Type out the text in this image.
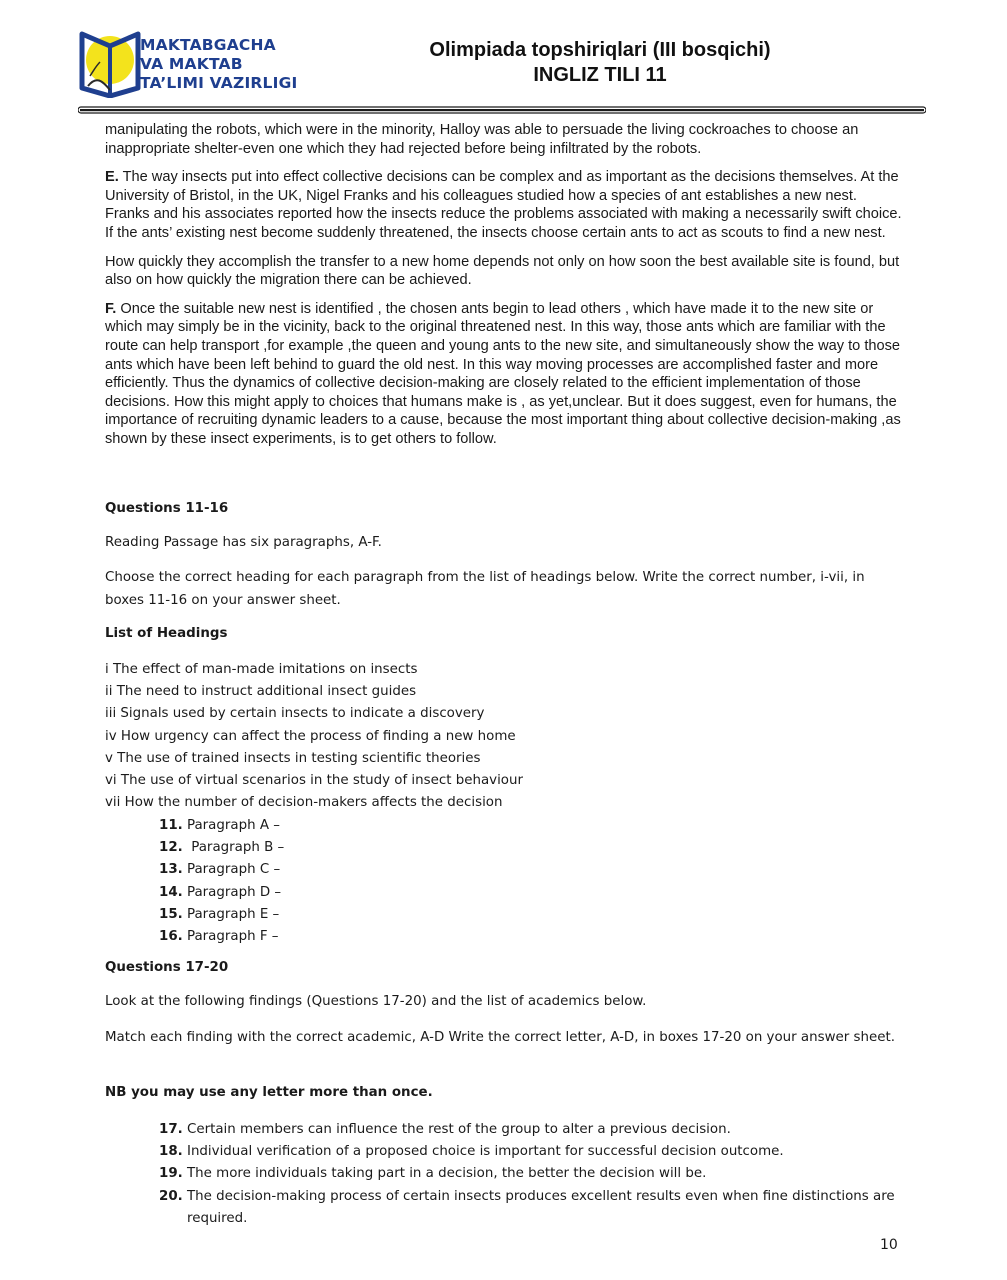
MAKTABGACHA
VA MAKTAB
TA’LIMI VAZIRLIGI
Olimpiada topshiriqlari (III bosqichi)
INGLIZ TILI 11

manipulating the robots, which were in the minority, Halloy was able to persuade the living cockroaches to choose an inappropriate shelter-even one which they had rejected before being infiltrated by the robots.

E. The way insects put into effect collective decisions can be complex and as important as the decisions themselves. At the University of Bristol, in the UK, Nigel Franks and his colleagues studied how a species of ant establishes a new nest. Franks and his associates reported how the insects reduce the problems associated with making a necessarily swift choice. If the ants’ existing nest become suddenly threatened, the insects choose certain ants to act as scouts to find a new nest.

How quickly they accomplish the transfer to a new home depends not only on how soon the best available site is found, but also on how quickly the migration there can be achieved.

F. Once the suitable new nest is identified , the chosen ants begin to lead others , which have made it to the new site or which may simply be in the vicinity, back to the original threatened nest. In this way, those ants which are familiar with the route can help transport ,for example ,the queen and young ants to the new site, and simultaneously show the way to those ants which have been left behind to guard the old nest. In this way moving processes are accomplished faster and more efficiently. Thus the dynamics of collective decision-making are closely related to the efficient implementation of those decisions. How this might apply to choices that humans make is , as yet,unclear. But it does suggest, even for humans, the importance of recruiting dynamic leaders to a cause, because the most important thing about collective decision-making ,as shown by these insect experiments, is to get others to follow.

Questions 11-16
Reading Passage has six paragraphs, A-F.
Choose the correct heading for each paragraph from the list of headings below. Write the correct number, i-vii, in boxes 11-16 on your answer sheet.
List of Headings
i The effect of man-made imitations on insects
ii The need to instruct additional insect guides
iii Signals used by certain insects to indicate a discovery
iv How urgency can affect the process of finding a new home
v The use of trained insects in testing scientific theories
vi The use of virtual scenarios in the study of insect behaviour
vii How the number of decision-makers affects the decision
11. Paragraph A –
12. Paragraph B –
13. Paragraph C –
14. Paragraph D –
15. Paragraph E –
16. Paragraph F –
Questions 17-20
Look at the following findings (Questions 17-20) and the list of academics below.
Match each finding with the correct academic, A-D Write the correct letter, A-D, in boxes 17-20 on your answer sheet.
NB you may use any letter more than once.
17. Certain members can influence the rest of the group to alter a previous decision.
18. Individual verification of a proposed choice is important for successful decision outcome.
19. The more individuals taking part in a decision, the better the decision will be.
20. The decision-making process of certain insects produces excellent results even when fine distinctions are required.
10
